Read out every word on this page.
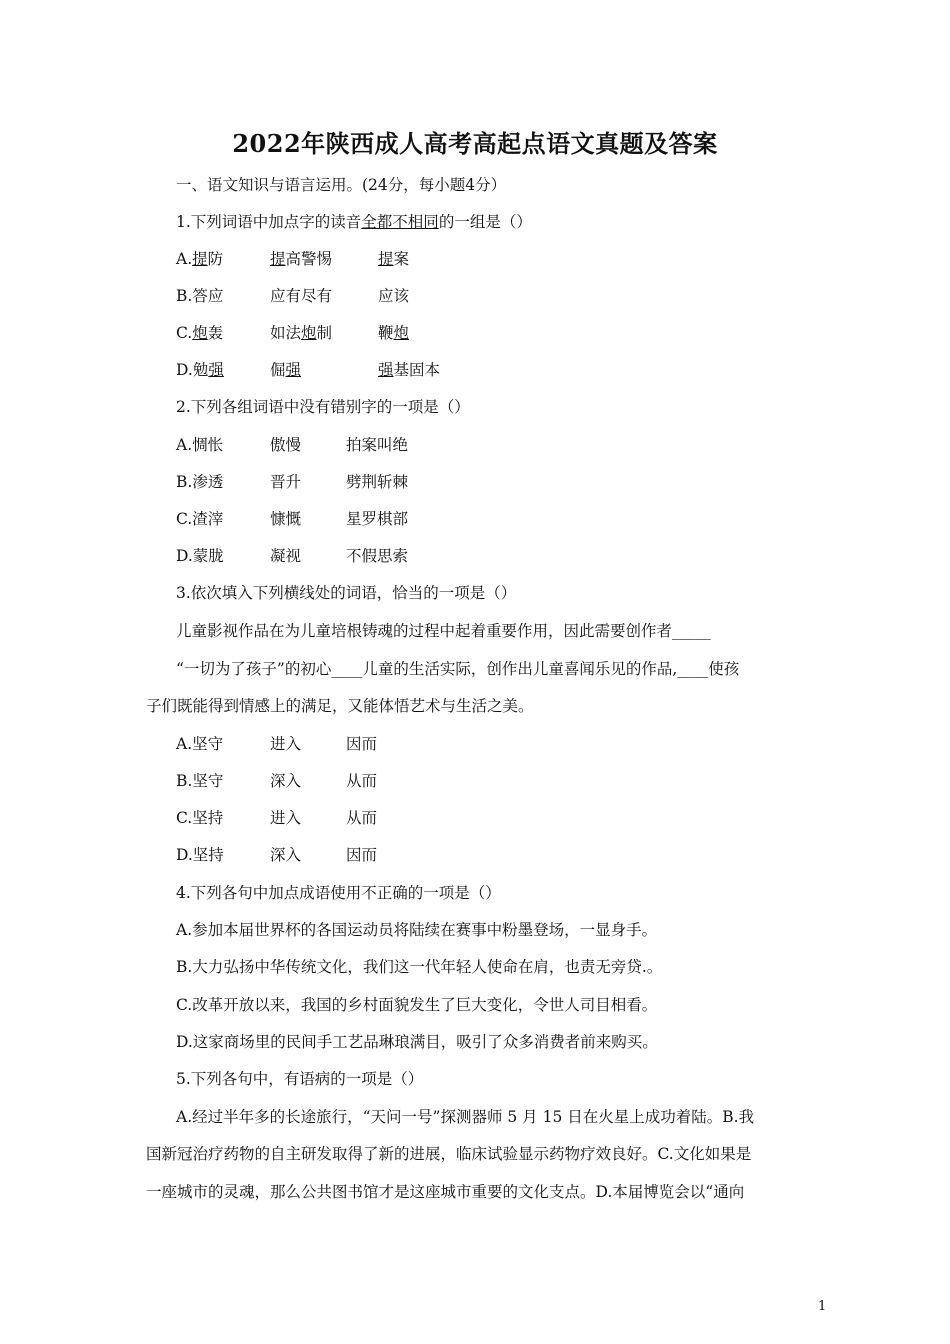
2022年陕西成人高考高起点语文真题及答案
一、语文知识与语言运用。(24分，每小题4分）
1.下列词语中加点字的读音全都不相同的一组是（）
A.提防	提高警惕	提案
B.答应	应有尽有	应该
C.炮轰	如法炮制	鞭炮
D.勉强	倔强	强基固本
2.下列各组词语中没有错别字的一项是（）
A.惆怅	傲慢	拍案叫绝
B.渗透	晋升	劈荆斩棘
C.渣滓	慷慨	星罗棋部
D.蒙胧	凝视	不假思索
3.依次填入下列横线处的词语，恰当的一项是（）
儿童影视作品在为儿童培根铸魂的过程中起着重要作用，因此需要创作者_____
“一切为了孩子”的初心____儿童的生活实际，创作出儿童喜闻乐见的作品,____使孩
子们既能得到情感上的满足，又能体悟艺术与生活之美。
A.坚守	进入	因而
B.坚守	深入	从而
C.坚持	进入	从而
D.坚持	深入	因而
4.下列各句中加点成语使用不正确的一项是（）
A.参加本届世界杯的各国运动员将陆续在赛事中粉墨登场，一显身手。
B.大力弘扬中华传统文化，我们这一代年轻人使命在肩，也责无旁贷.。
C.改革开放以来，我国的乡村面貌发生了巨大变化，令世人司目相看。
D.这家商场里的民间手工艺品琳琅满目，吸引了众多消费者前来购买。
5.下列各句中，有语病的一项是（）
A.经过半年多的长途旅行，“天问一号”探测器师 5 月 15 日在火星上成功着陆。B.我
国新冠治疗药物的自主研发取得了新的进展，临床试验显示药物疗效良好。C.文化如果是
一座城市的灵魂，那么公共图书馆才是这座城市重要的文化支点。D.本届博览会以“通向
1
